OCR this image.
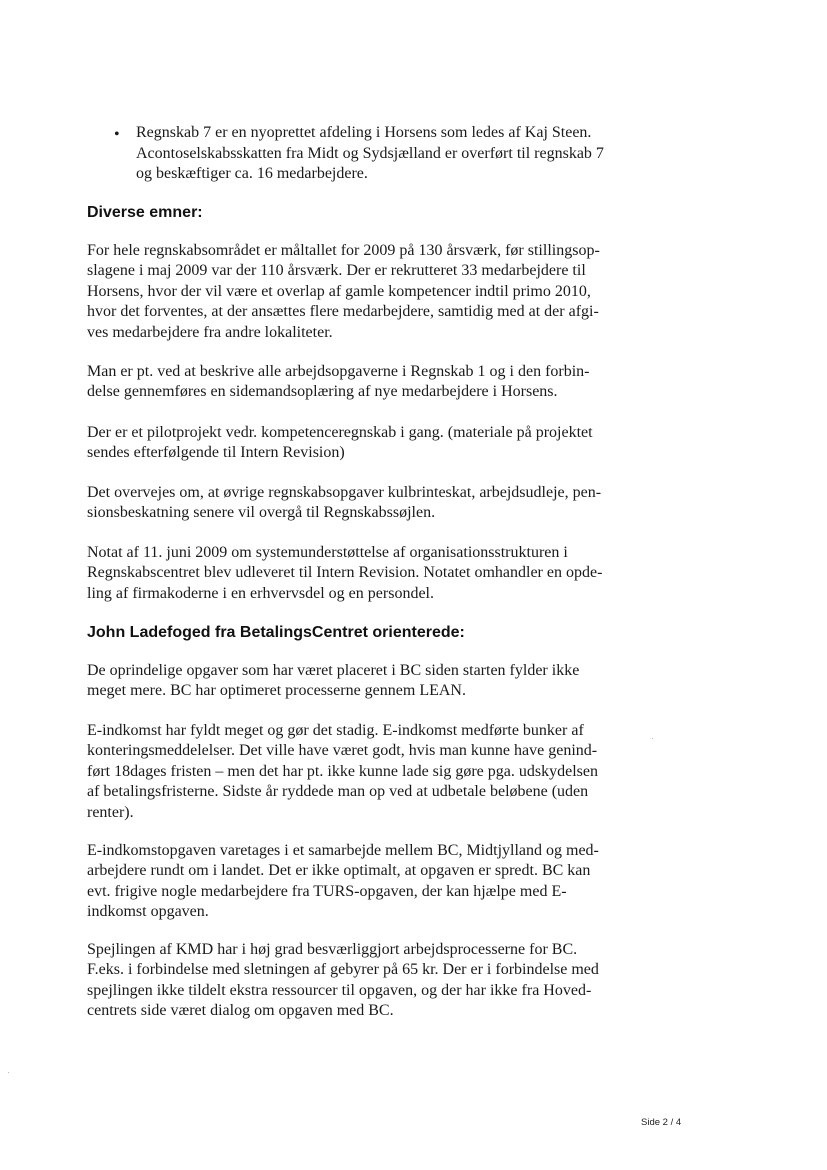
• Regnskab 7 er en nyoprettet afdeling i Horsens som ledes af Kaj Steen.
Acontoselskabsskatten fra Midt og Sydsjælland er overført til regnskab 7
og beskæftiger ca. 16 medarbejdere.
Diverse emner:
For hele regnskabsområdet er måltallet for 2009 på 130 årsværk, før stillingsop-
slagene i maj 2009 var der 110 årsværk. Der er rekrutteret 33 medarbejdere til
Horsens, hvor der vil være et overlap af gamle kompetencer indtil primo 2010,
hvor det forventes, at der ansættes flere medarbejdere, samtidig med at der afgi-
ves medarbejdere fra andre lokaliteter.
Man er pt. ved at beskrive alle arbejdsopgaverne i Regnskab 1 og i den forbin-
delse gennemføres en sidemandsoplæring af nye medarbejdere i Horsens.
Der er et pilotprojekt vedr. kompetenceregnskab i gang. (materiale på projektet
sendes efterfølgende til Intern Revision)
Det overvejes om, at øvrige regnskabsopgaver kulbrinteskat, arbejdsudleje, pen-
sionsbeskatning senere vil overgå til Regnskabssøjlen.
Notat af 11. juni 2009 om systemunderstøttelse af organisationsstrukturen i
Regnskabscentret blev udleveret til Intern Revision. Notatet omhandler en opde-
ling af firmakoderne i en erhvervsdel og en persondel.
John Ladefoged fra BetalingsCentret orienterede:
De oprindelige opgaver som har været placeret i BC siden starten fylder ikke
meget mere. BC har optimeret processerne gennem LEAN.
E-indkomst har fyldt meget og gør det stadig. E-indkomst medførte bunker af
konteringsmeddelelser. Det ville have været godt, hvis man kunne have genind-
ført 18dages fristen – men det har pt. ikke kunne lade sig gøre pga. udskydelsen
af betalingsfristerne. Sidste år ryddede man op ved at udbetale beløbene (uden
renter).
E-indkomstopgaven varetages i et samarbejde mellem BC, Midtjylland og med-
arbejdere rundt om i landet. Det er ikke optimalt, at opgaven er spredt. BC kan
evt. frigive nogle medarbejdere fra TURS-opgaven, der kan hjælpe med E-
indkomst opgaven.
Spejlingen af KMD har i høj grad besværliggjort arbejdsprocesserne for BC.
F.eks. i forbindelse med sletningen af gebyrer på 65 kr. Der er i forbindelse med
spejlingen ikke tildelt ekstra ressourcer til opgaven, og der har ikke fra Hoved-
centrets side været dialog om opgaven med BC.
Side 2 / 4
